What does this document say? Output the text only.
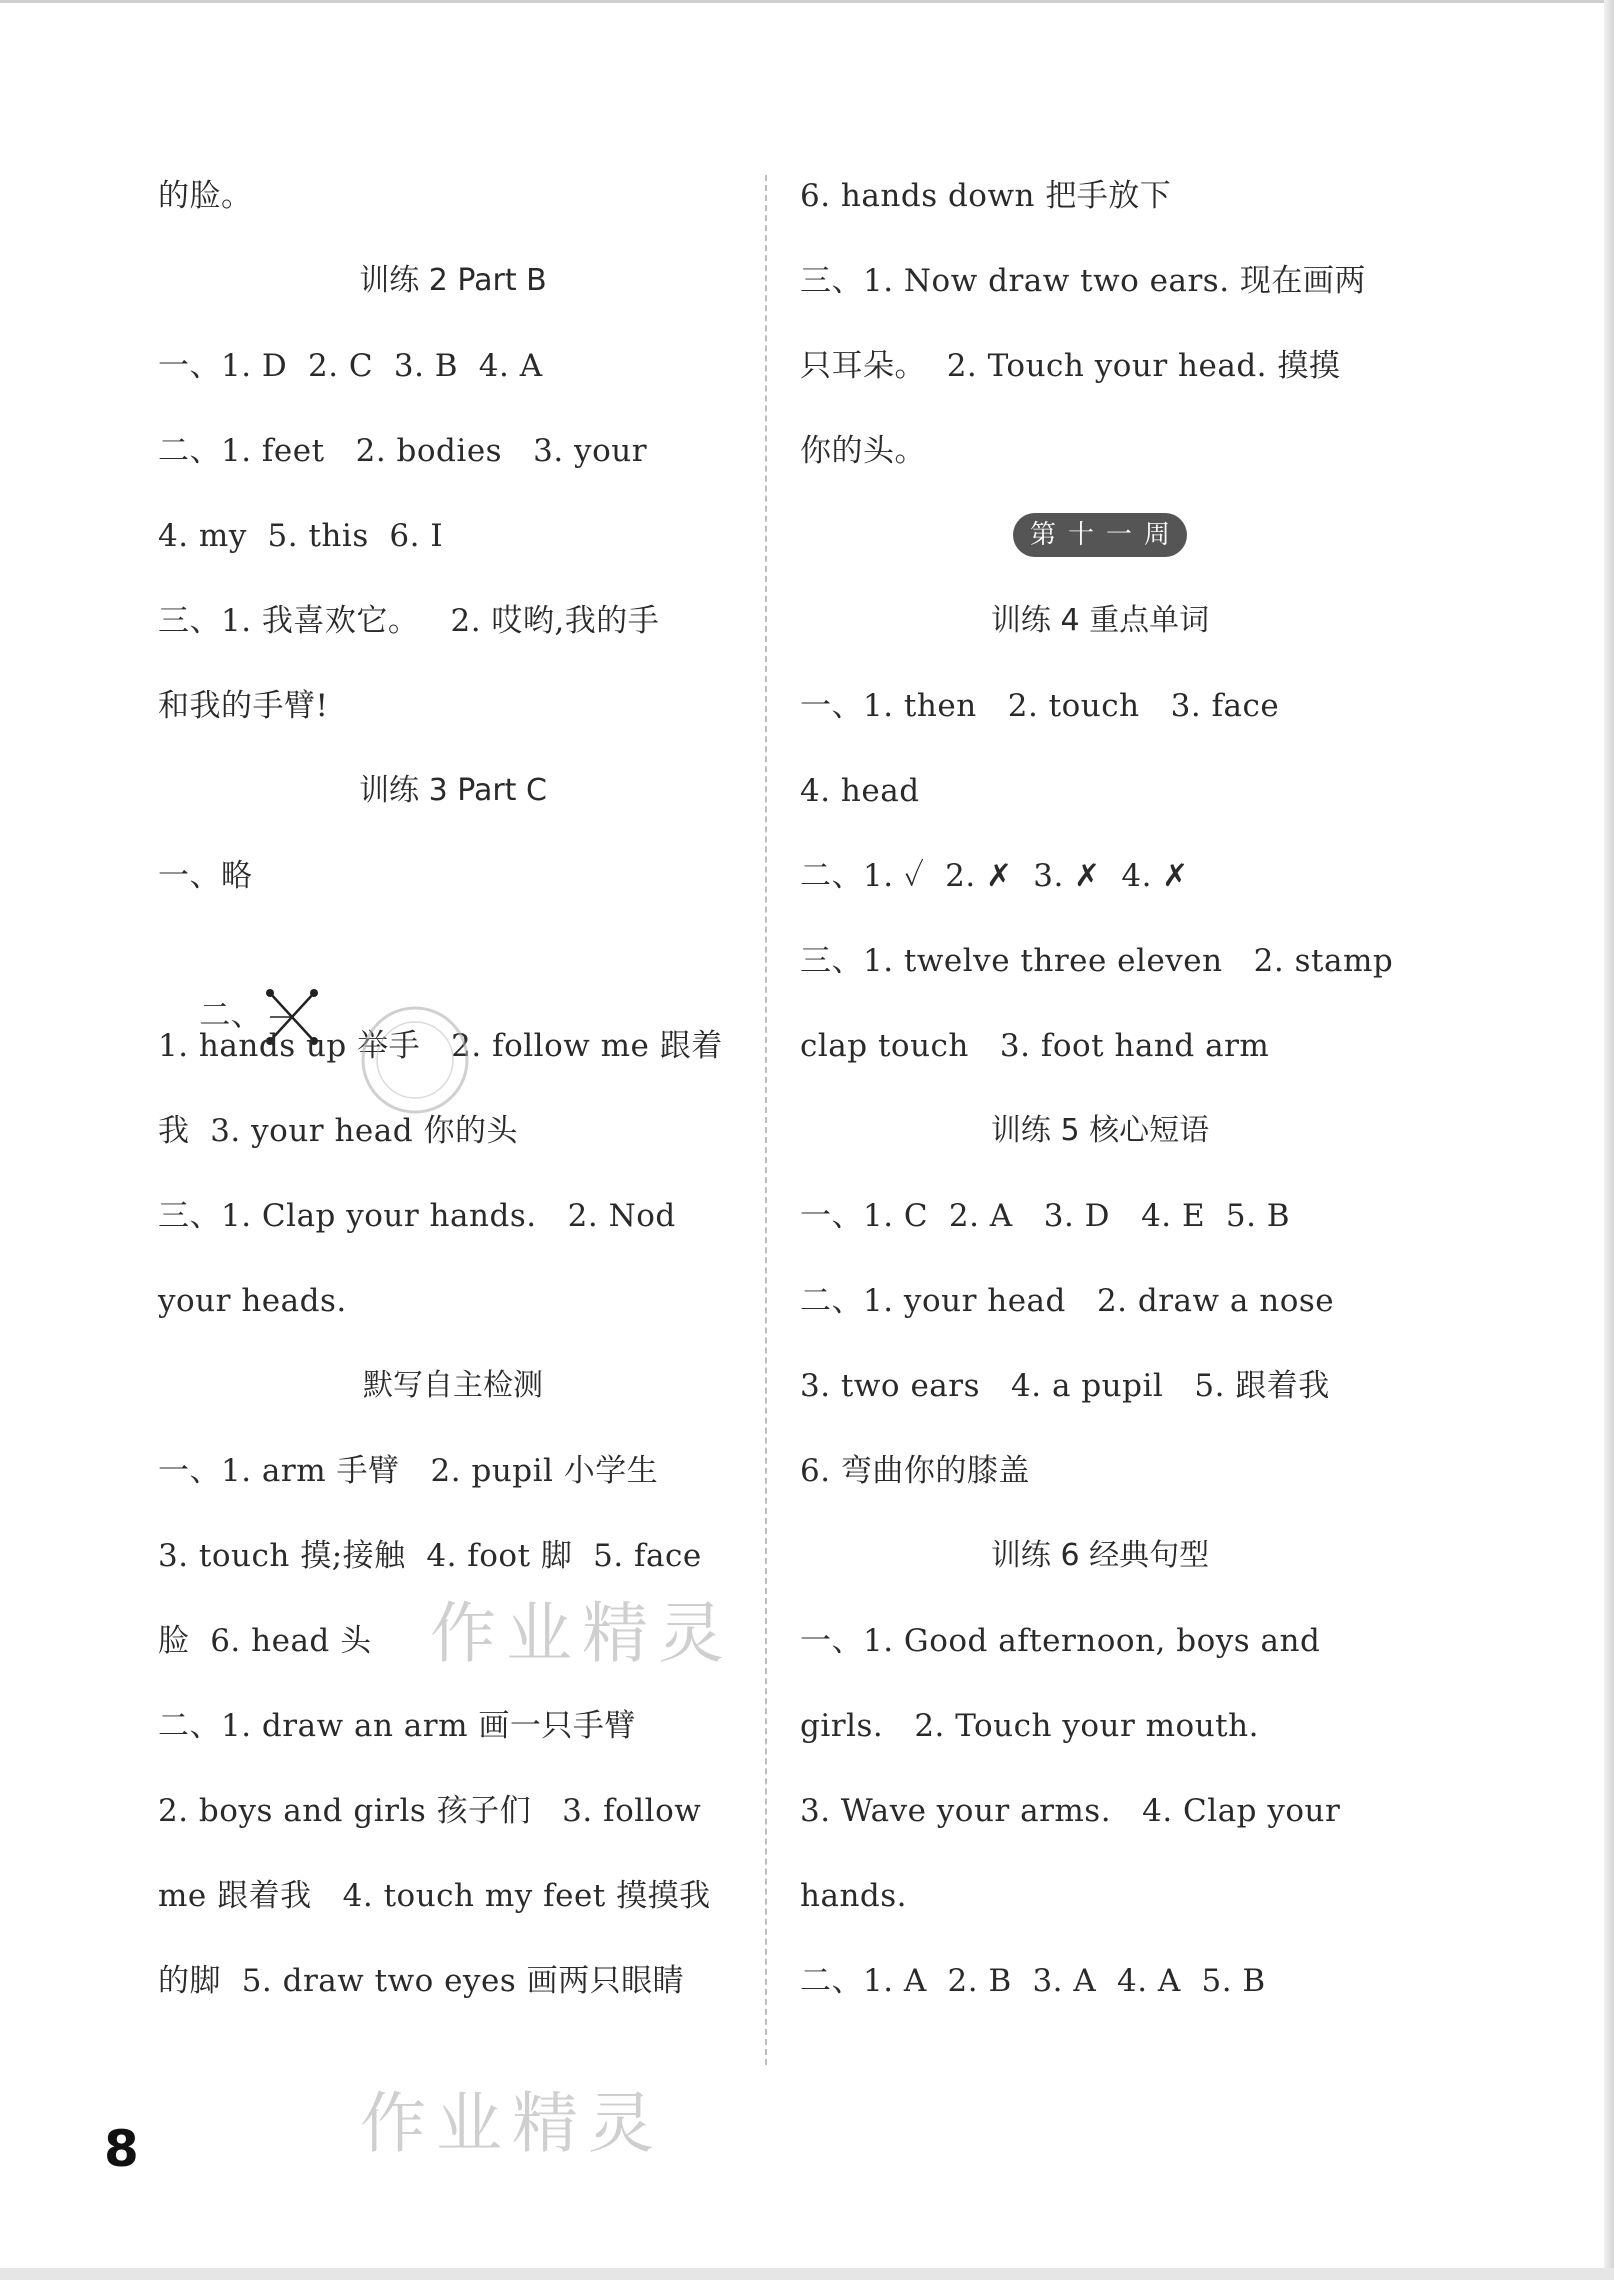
的脸。
训练 2 Part B
一、1. D  2. C  3. B  4. A
二、1. feet   2. bodies   3. your
4. my  5. this  6. I
三、1. 我喜欢它。   2. 哎哟,我的手
和我的手臂!
训练 3 Part C
一、略

二、

1. hands up 举手   2. follow me 跟着
我  3. your head 你的头
三、1. Clap your hands.   2. Nod
your heads.
默写自主检测
一、1. arm 手臂   2. pupil 小学生
3. touch 摸;接触  4. foot 脚  5. face
脸  6. head 头
二、1. draw an arm 画一只手臂
2. boys and girls 孩子们   3. follow
me 跟着我   4. touch my feet 摸摸我
的脚  5. draw two eyes 画两只眼睛
6. hands down 把手放下
三、1. Now draw two ears. 现在画两
只耳朵。  2. Touch your head. 摸摸
你的头。
第 十 一 周
训练 4 重点单词
一、1. then   2. touch   3. face
4. head
二、1. ✓  2. ✗  3. ✗  4. ✗
三、1. twelve three eleven   2. stamp
clap touch   3. foot hand arm
训练 5 核心短语
一、1. C  2. A   3. D   4. E  5. B
二、1. your head   2. draw a nose
3. two ears   4. a pupil   5. 跟着我
6. 弯曲你的膝盖
训练 6 经典句型
一、1. Good afternoon, boys and
girls.   2. Touch your mouth.
3. Wave your arms.   4. Clap your
hands.
二、1. A  2. B  3. A  4. A  5. B
作业精灵
作业精灵
8
